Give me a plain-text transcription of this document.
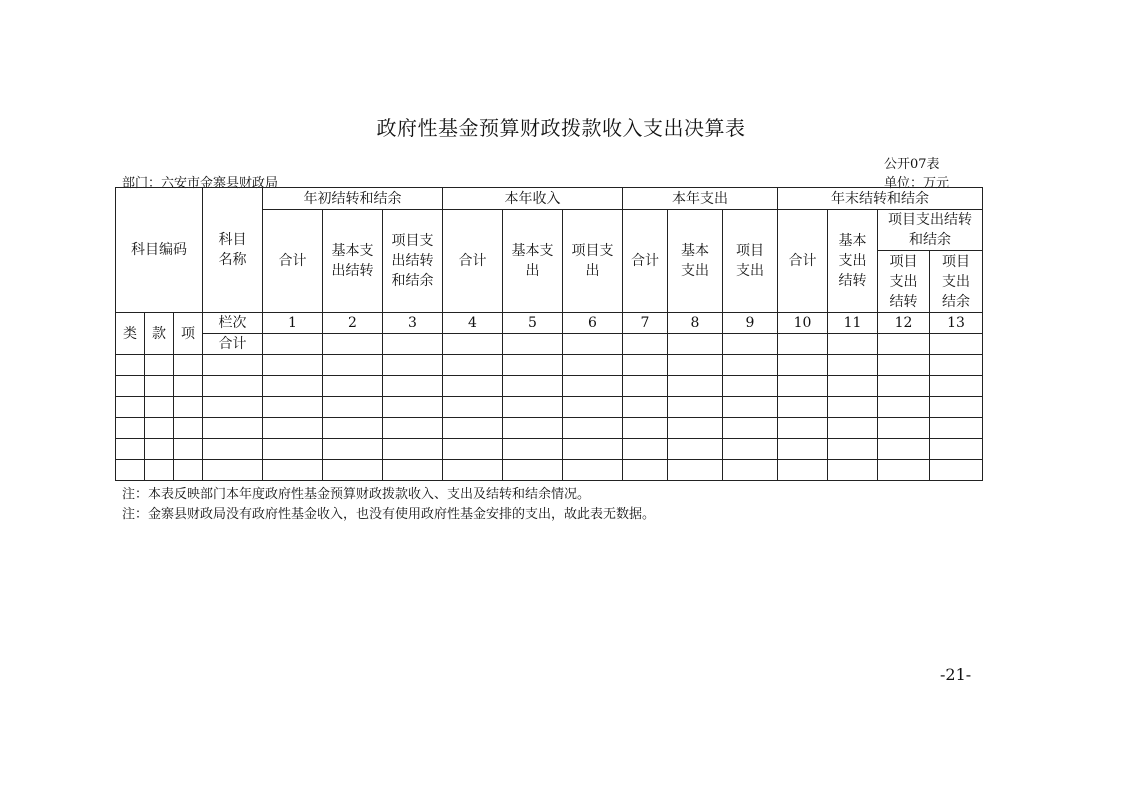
政府性基金预算财政拨款收入支出决算表
公开07表
部门：六安市金寨县财政局	单位：万元
科目编码			科目名称	年初结转和结余			本年收入			本年支出			年末结转和结余			
				合计	基本支出结转	项目支出结转和结余	合计	基本支出	项目支出	合计	基本支出	项目支出	合计	基本支出结转	项目支出结转和结余	

															项目支出结转	项目支出结余

类	款	项	栏次	1	2	3	4	5	6	7	8	9	10	11	12	13
			合计													

注：本表反映部门本年度政府性基金预算财政拨款收入、支出及结转和结余情况。
注：金寨县财政局没有政府性基金收入，也没有使用政府性基金安排的支出，故此表无数据。
-21-
